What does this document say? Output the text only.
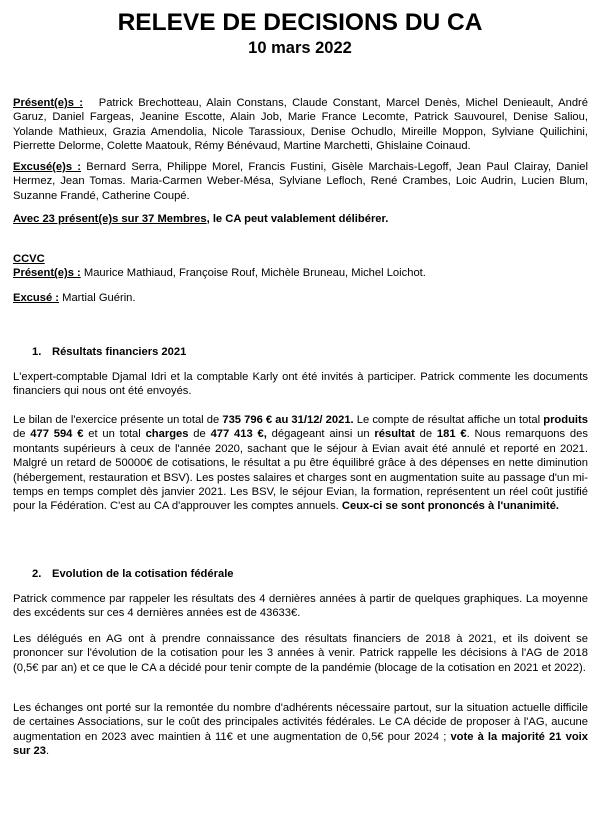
RELEVE DE DECISIONS DU CA
10 mars 2022

Présent(e)s : Patrick Brechotteau, Alain Constans, Claude Constant, Marcel Denès, Michel Denieault, André Garuz, Daniel Fargeas, Jeanine Escotte, Alain Job, Marie France Lecomte, Patrick Sauvourel, Denise Saliou, Yolande Mathieux, Grazia Amendolia, Nicole Tarassioux, Denise Ochudlo, Mireille Moppon, Sylviane Quilichini, Pierrette Delorme, Colette Maatouk, Rémy Bénévaud, Martine Marchetti, Ghislaine Coinaud.

Excusé(e)s : Bernard Serra, Philippe Morel, Francis Fustini, Gisèle Marchais-Legoff, Jean Paul Clairay, Daniel Hermez, Jean Tomas. Maria-Carmen Weber-Mésa, Sylviane Lefloch, René Crambes, Loic Audrin, Lucien Blum, Suzanne Frandé, Catherine Coupé.

Avec 23 présent(e)s sur 37 Membres, le CA peut valablement délibérer.

CCVC
Présent(e)s : Maurice Mathiaud, Françoise Rouf, Michèle Bruneau, Michel Loichot.

Excusé : Martial Guérin.

1. Résultats financiers 2021

L'expert-comptable Djamal Idri et la comptable Karly ont été invités à participer. Patrick commente les documents financiers qui nous ont été envoyés.

Le bilan de l'exercice présente un total de 735 796 € au 31/12/ 2021. Le compte de résultat affiche un total produits de 477 594 € et un total charges de 477 413 €, dégageant ainsi un résultat de 181 €. Nous remarquons des montants supérieurs à ceux de l'année 2020, sachant que le séjour à Evian avait été annulé et reporté en 2021. Malgré un retard de 50000€ de cotisations, le résultat a pu être équilibré grâce à des dépenses en nette diminution (hébergement, restauration et BSV). Les postes salaires et charges sont en augmentation suite au passage d'un mi-temps en temps complet dès janvier 2021. Les BSV, le séjour Evian, la formation, représentent un réel coût justifié pour la Fédération. C'est au CA d'approuver les comptes annuels. Ceux-ci se sont prononcés à l'unanimité.

2. Evolution de la cotisation fédérale

Patrick commence par rappeler les résultats des 4 dernières années à partir de quelques graphiques. La moyenne des excédents sur ces 4 dernières années est de 43633€.

Les délégués en AG ont à prendre connaissance des résultats financiers de 2018 à 2021, et ils doivent se prononcer sur l'évolution de la cotisation pour les 3 années à venir. Patrick rappelle les décisions à l'AG de 2018 (0,5€ par an) et ce que le CA a décidé pour tenir compte de la pandémie (blocage de la cotisation en 2021 et 2022).

Les échanges ont porté sur la remontée du nombre d'adhérents nécessaire partout, sur la situation actuelle difficile de certaines Associations, sur le coût des principales activités fédérales. Le CA décide de proposer à l'AG, aucune augmentation en 2023 avec maintien à 11€ et une augmentation de 0,5€ pour 2024 ; vote à la majorité 21 voix sur 23.
